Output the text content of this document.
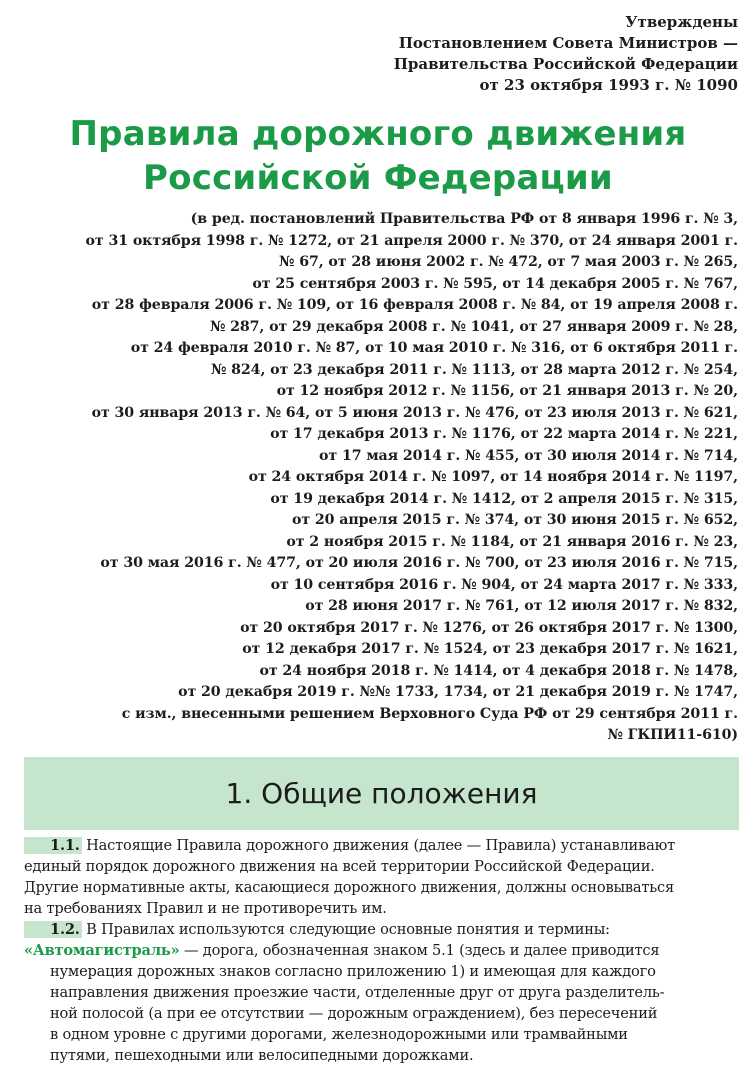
Утверждены
Постановлением Совета Министров —
Правительства Российской Федерации
от 23 октября 1993 г. № 1090
Правила дорожного движения
Российской Федерации
(в ред. постановлений Правительства РФ от 8 января 1996 г. № 3,
от 31 октября 1998 г. № 1272, от 21 апреля 2000 г. № 370, от 24 января 2001 г.
№ 67, от 28 июня 2002 г. № 472, от 7 мая 2003 г. № 265,
от 25 сентября 2003 г. № 595, от 14 декабря 2005 г. № 767,
от 28 февраля 2006 г. № 109, от 16 февраля 2008 г. № 84, от 19 апреля 2008 г.
№ 287, от 29 декабря 2008 г. № 1041, от 27 января 2009 г. № 28,
от 24 февраля 2010 г. № 87, от 10 мая 2010 г. № 316, от 6 октября 2011 г.
№ 824, от 23 декабря 2011 г. № 1113, от 28 марта 2012 г. № 254,
от 12 ноября 2012 г. № 1156, от 21 января 2013 г. № 20,
от 30 января 2013 г. № 64, от 5 июня 2013 г. № 476, от 23 июля 2013 г. № 621,
от 17 декабря 2013 г. № 1176, от 22 марта 2014 г. № 221,
от 17 мая 2014 г. № 455, от 30 июля 2014 г. № 714,
от 24 октября 2014 г. № 1097, от 14 ноября 2014 г. № 1197,
от 19 декабря 2014 г. № 1412, от 2 апреля 2015 г. № 315,
от 20 апреля 2015 г. № 374, от 30 июня 2015 г. № 652,
от 2 ноября 2015 г. № 1184, от 21 января 2016 г. № 23,
от 30 мая 2016 г. № 477, от 20 июля 2016 г. № 700, от 23 июля 2016 г. № 715,
от 10 сентября 2016 г. № 904, от 24 марта 2017 г. № 333,
от 28 июня 2017 г. № 761, от 12 июля 2017 г. № 832,
от 20 октября 2017 г. № 1276, от 26 октября 2017 г. № 1300,
от 12 декабря 2017 г. № 1524, от 23 декабря 2017 г. № 1621,
от 24 ноября 2018 г. № 1414, от 4 декабря 2018 г. № 1478,
от 20 декабря 2019 г. №№ 1733, 1734, от 21 декабря 2019 г. № 1747,
с изм., внесенными решением Верховного Суда РФ от 29 сентября 2011 г.
№ ГКПИ11-610)
1. Общие положения
1.1. Настоящие Правила дорожного движения (далее — Правила) устанавливают
единый порядок дорожного движения на всей территории Российской Федерации.
Другие нормативные акты, касающиеся дорожного движения, должны основываться
на требованиях Правил и не противоречить им.
1.2. В Правилах используются следующие основные понятия и термины:
«Автомагистраль» — дорога, обозначенная знаком 5.1 (здесь и далее приводится
нумерация дорожных знаков согласно приложению 1) и имеющая для каждого
направления движения проезжие части, отделенные друг от друга разделитель-
ной полосой (а при ее отсутствии — дорожным ограждением), без пересечений
в одном уровне с другими дорогами, железнодорожными или трамвайными
путями, пешеходными или велосипедными дорожками.
